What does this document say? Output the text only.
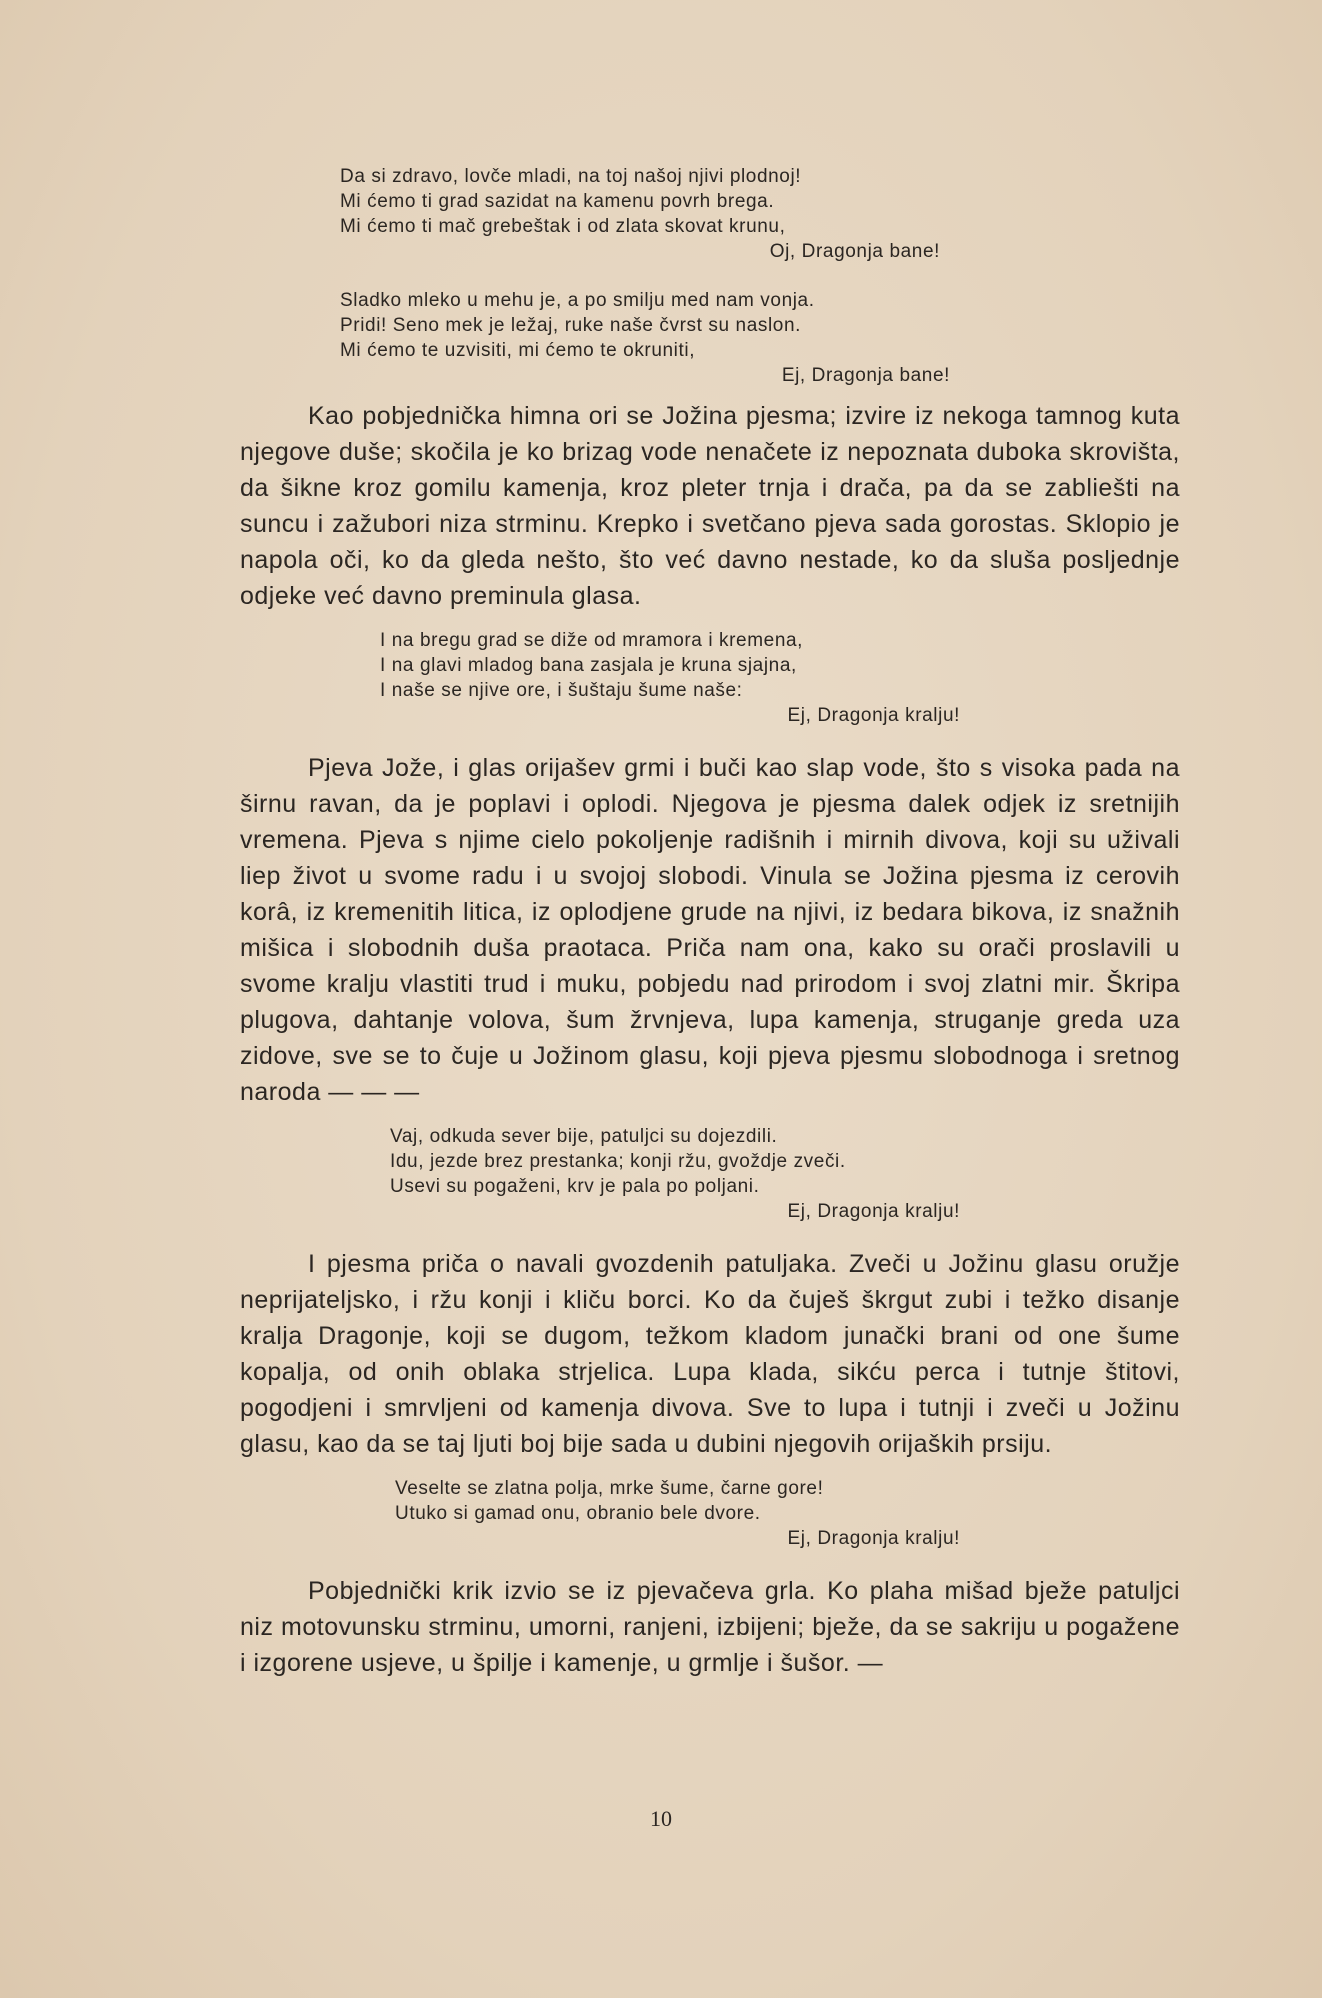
Da si zdravo, lovče mladi, na toj našoj njivi plodnoj!
Mi ćemo ti grad sazidat na kamenu povrh brega.
Mi ćemo ti mač grebeštak i od zlata skovat krunu,
Oj, Dragonja bane!
Sladko mleko u mehu je, a po smilju med nam vonja.
Pridi! Seno mek je ležaj, ruke naše čvrst su naslon.
Mi ćemo te uzvisiti, mi ćemo te okruniti,
Ej, Dragonja bane!

Kao pobjednička himna ori se Jožina pjesma; izvire iz nekoga tamnog kuta njegove duše; skočila je ko brizag vode nenačete iz nepoznata duboka skrovišta, da šikne kroz gomilu kamenja, kroz pleter trnja i drača, pa da se zabliešti na suncu i zažubori niza strminu. Krepko i svetčano pjeva sada gorostas. Sklopio je napola oči, ko da gleda nešto, što već davno nestade, ko da sluša posljednje odjeke već davno preminula glasa.

I na bregu grad se diže od mramora i kremena,
I na glavi mladog bana zasjala je kruna sjajna,
I naše se njive ore, i šuštaju šume naše:
Ej, Dragonja kralju!

Pjeva Jože, i glas orijašev grmi i buči kao slap vode, što s visoka pada na širnu ravan, da je poplavi i oplodi. Njegova je pjesma dalek odjek iz sretnijih vremena. Pjeva s njime cielo pokoljenje radišnih i mirnih divova, koji su uživali liep život u svome radu i u svojoj slobodi. Vinula se Jožina pjesma iz cerovih korâ, iz kremenitih litica, iz oplodjene grude na njivi, iz bedara bikova, iz snažnih mišica i slobodnih duša praotaca. Priča nam ona, kako su orači proslavili u svome kralju vlastiti trud i muku, pobjedu nad prirodom i svoj zlatni mir. Škripa plugova, dahtanje volova, šum žrvnjeva, lupa kamenja, struganje greda uza zidove, sve se to čuje u Jožinom glasu, koji pjeva pjesmu slobodnoga i sretnog naroda — — —

Vaj, odkuda sever bije, patuljci su dojezdili.
Idu, jezde brez prestanka; konji ržu, gvoždje zveči.
Usevi su pogaženi, krv je pala po poljani.
Ej, Dragonja kralju!

I pjesma priča o navali gvozdenih patuljaka. Zveči u Jožinu glasu oružje neprijateljsko, i ržu konji i kliču borci. Ko da čuješ škrgut zubi i težko disanje kralja Dragonje, koji se dugom, težkom kladom junački brani od one šume kopalja, od onih oblaka strjelica. Lupa klada, sikću perca i tutnje štitovi, pogodjeni i smrvljeni od kamenja divova. Sve to lupa i tutnji i zveči u Jožinu glasu, kao da se taj ljuti boj bije sada u dubini njegovih orijaških prsiju.

Veselte se zlatna polja, mrke šume, čarne gore!
Utuko si gamad onu, obranio bele dvore.
Ej, Dragonja kralju!

Pobjednički krik izvio se iz pjevačeva grla. Ko plaha mišad bježe patuljci niz motovunsku strminu, umorni, ranjeni, izbijeni; bježe, da se sakriju u pogažene i izgorene usjeve, u špilje i kamenje, u grmlje i šušor. —

10
